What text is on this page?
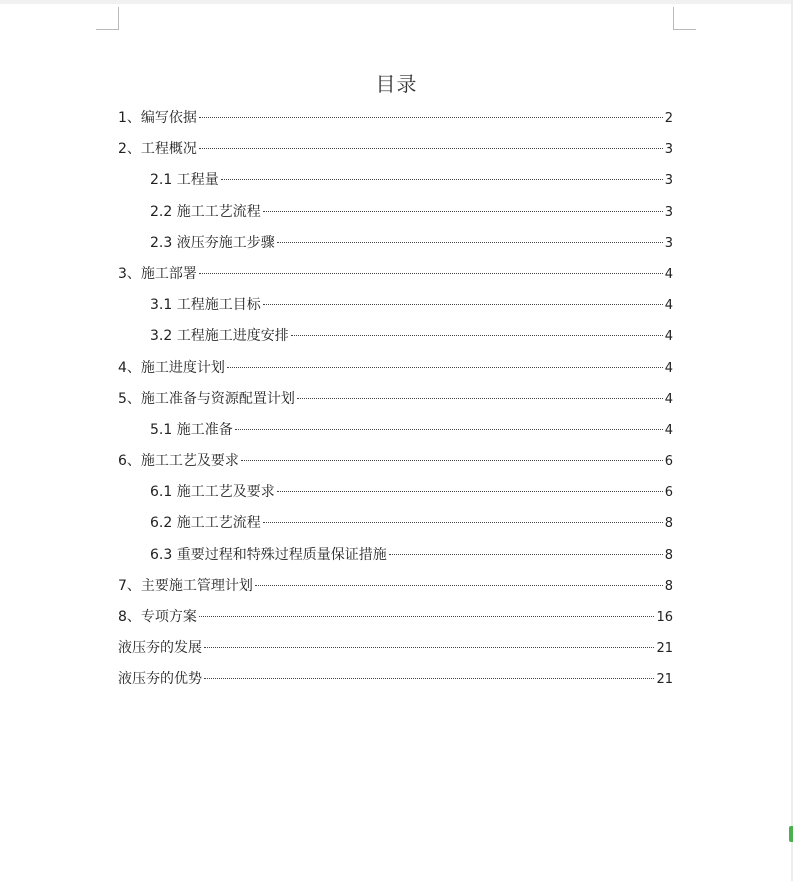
目录
1、编写依据	2
2、工程概况	3
2.1 工程量	3
2.2 施工工艺流程	3
2.3 液压夯施工步骤	3
3、施工部署	4
3.1 工程施工目标	4
3.2 工程施工进度安排	4
4、施工进度计划	4
5、施工准备与资源配置计划	4
5.1 施工准备	4
6、施工工艺及要求	6
6.1 施工工艺及要求	6
6.2 施工工艺流程	8
6.3 重要过程和特殊过程质量保证措施	8
7、主要施工管理计划	8
8、专项方案	16
液压夯的发展	21
液压夯的优势	21
